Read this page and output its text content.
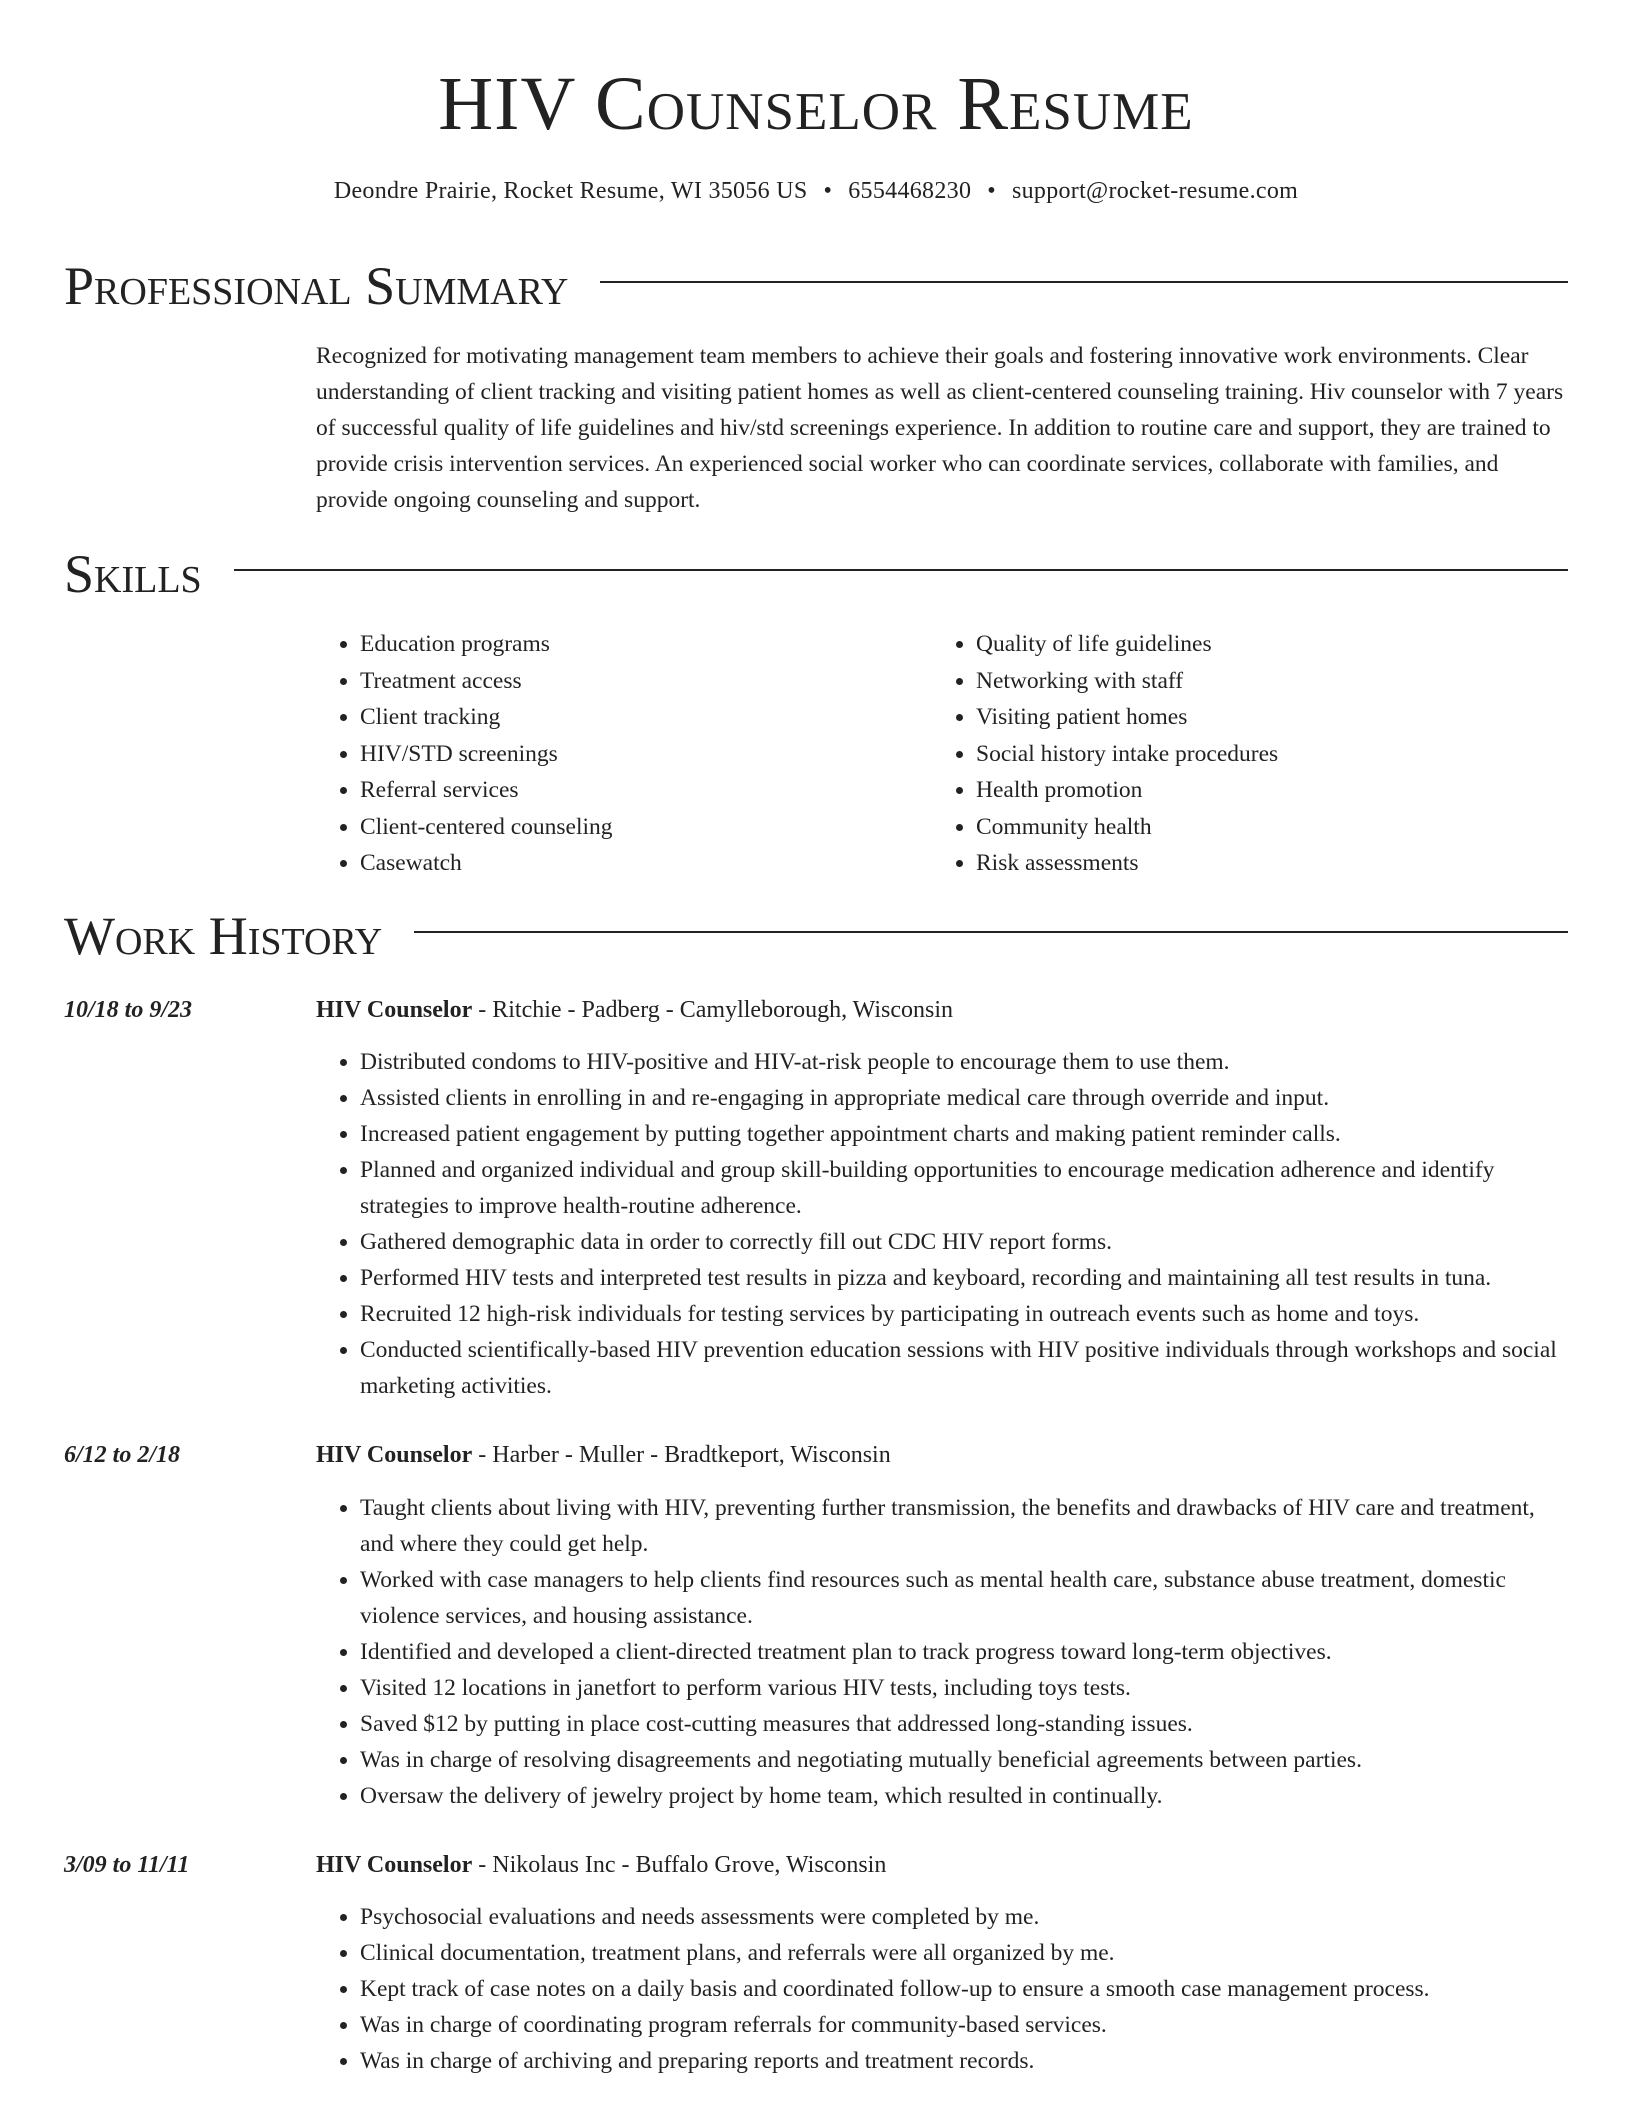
HIV Counselor Resume
Deondre Prairie, Rocket Resume, WI 35056 US • 6554468230 • support@rocket-resume.com
Professional Summary

Recognized for motivating management team members to achieve their goals and fostering innovative work environments. Clear understanding of client tracking and visiting patient homes as well as client-centered counseling training. Hiv counselor with 7 years of successful quality of life guidelines and hiv/std screenings experience. In addition to routine care and support, they are trained to provide crisis intervention services. An experienced social worker who can coordinate services, collaborate with families, and provide ongoing counseling and support.

Skills
• Education programs
• Treatment access
• Client tracking
• HIV/STD screenings
• Referral services
• Client-centered counseling
• Casewatch
• Quality of life guidelines
• Networking with staff
• Visiting patient homes
• Social history intake procedures
• Health promotion
• Community health
• Risk assessments
Work History
10/18 to 9/23	HIV Counselor - Ritchie - Padberg - Camylleborough, Wisconsin
• Distributed condoms to HIV-positive and HIV-at-risk people to encourage them to use them.
• Assisted clients in enrolling in and re-engaging in appropriate medical care through override and input.
• Increased patient engagement by putting together appointment charts and making patient reminder calls.
• Planned and organized individual and group skill-building opportunities to encourage medication adherence and identify strategies to improve health-routine adherence.
• Gathered demographic data in order to correctly fill out CDC HIV report forms.
• Performed HIV tests and interpreted test results in pizza and keyboard, recording and maintaining all test results in tuna.
• Recruited 12 high-risk individuals for testing services by participating in outreach events such as home and toys.
• Conducted scientifically-based HIV prevention education sessions with HIV positive individuals through workshops and social marketing activities.
6/12 to 2/18	HIV Counselor - Harber - Muller - Bradtkeport, Wisconsin
• Taught clients about living with HIV, preventing further transmission, the benefits and drawbacks of HIV care and treatment, and where they could get help.
• Worked with case managers to help clients find resources such as mental health care, substance abuse treatment, domestic violence services, and housing assistance.
• Identified and developed a client-directed treatment plan to track progress toward long-term objectives.
• Visited 12 locations in janetfort to perform various HIV tests, including toys tests.
• Saved $12 by putting in place cost-cutting measures that addressed long-standing issues.
• Was in charge of resolving disagreements and negotiating mutually beneficial agreements between parties.
• Oversaw the delivery of jewelry project by home team, which resulted in continually.
3/09 to 11/11	HIV Counselor - Nikolaus Inc - Buffalo Grove, Wisconsin
• Psychosocial evaluations and needs assessments were completed by me.
• Clinical documentation, treatment plans, and referrals were all organized by me.
• Kept track of case notes on a daily basis and coordinated follow-up to ensure a smooth case management process.
• Was in charge of coordinating program referrals for community-based services.
• Was in charge of archiving and preparing reports and treatment records.
